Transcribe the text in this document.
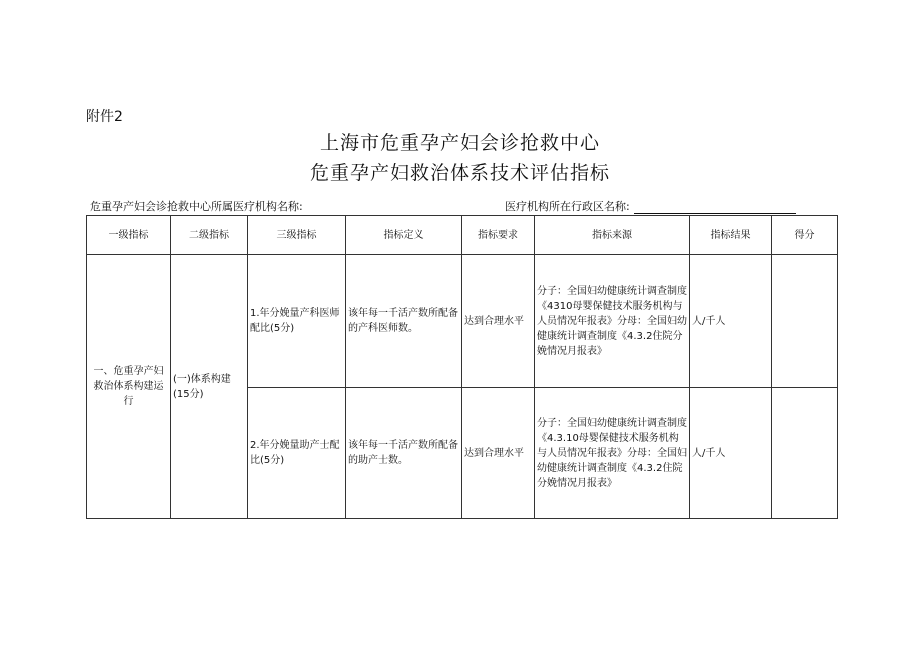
附件2
上海市危重孕产妇会诊抢救中心
危重孕产妇救治体系技术评估指标
危重孕产妇会诊抢救中心所属医疗机构名称:	医疗机构所在行政区名称:
一级指标	二级指标	三级指标	指标定义	指标要求	指标来源	指标结果	得分
一、危重孕产妇救治体系构建运行	(一)体系构建(15分)	1.年分娩量产科医师配比(5分)	该年每一千活产数所配备的产科医师数。	达到合理水平	分子：全国妇幼健康统计调查制度《4310母婴保健技术服务机构与人员情况年报表》分母：全国妇幼健康统计调查制度《4.3.2住院分娩情况月报表》	人/千人	
		2.年分娩量助产士配比(5分)	该年每一千活产数所配备的助产士数。	达到合理水平	分子：全国妇幼健康统计调查制度《4.3.10母婴保健技术服务机构与人员情况年报表》分母：全国妇幼健康统计调查制度《4.3.2住院分娩情况月报表》	人/千人	
